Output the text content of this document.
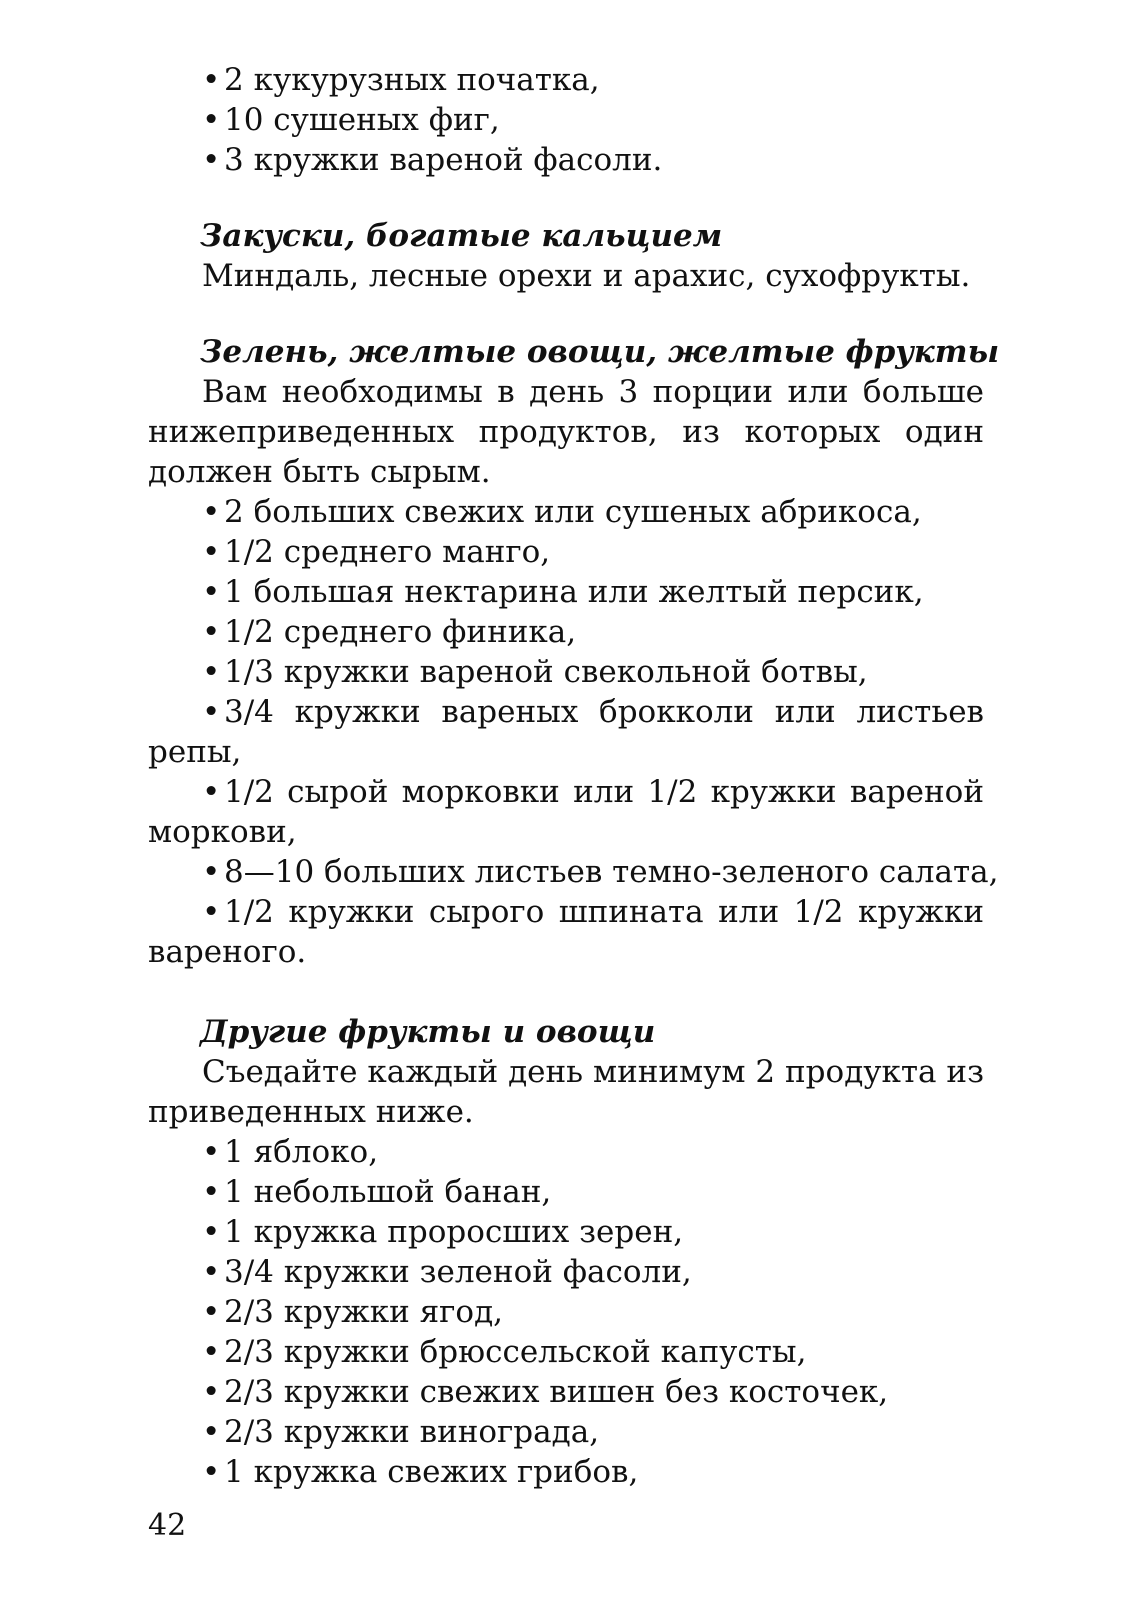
• 2 кукурузных початка,
• 10 сушеных фиг,
• 3 кружки вареной фасоли.
Закуски, богатые кальцием
Миндаль, лесные орехи и арахис, сухофрукты.
Зелень, желтые овощи, желтые фрукты
Вам необходимы в день 3 порции или больше
нижеприведенных продуктов, из которых один
должен быть сырым.
• 2 больших свежих или сушеных абрикоса,
• 1/2 среднего манго,
• 1 большая нектарина или желтый персик,
• 1/2 среднего финика,
• 1/3 кружки вареной свекольной ботвы,
• 3/4 кружки вареных брокколи или листьев
репы,
• 1/2 сырой морковки или 1/2 кружки вареной
моркови,
• 8—10 больших листьев темно-зеленого салата,
• 1/2 кружки сырого шпината или 1/2 кружки
вареного.
Другие фрукты и овощи
Съедайте каждый день минимум 2 продукта из
приведенных ниже.
• 1 яблоко,
• 1 небольшой банан,
• 1 кружка проросших зерен,
• 3/4 кружки зеленой фасоли,
• 2/3 кружки ягод,
• 2/3 кружки брюссельской капусты,
• 2/3 кружки свежих вишен без косточек,
• 2/3 кружки винограда,
• 1 кружка свежих грибов,
42
